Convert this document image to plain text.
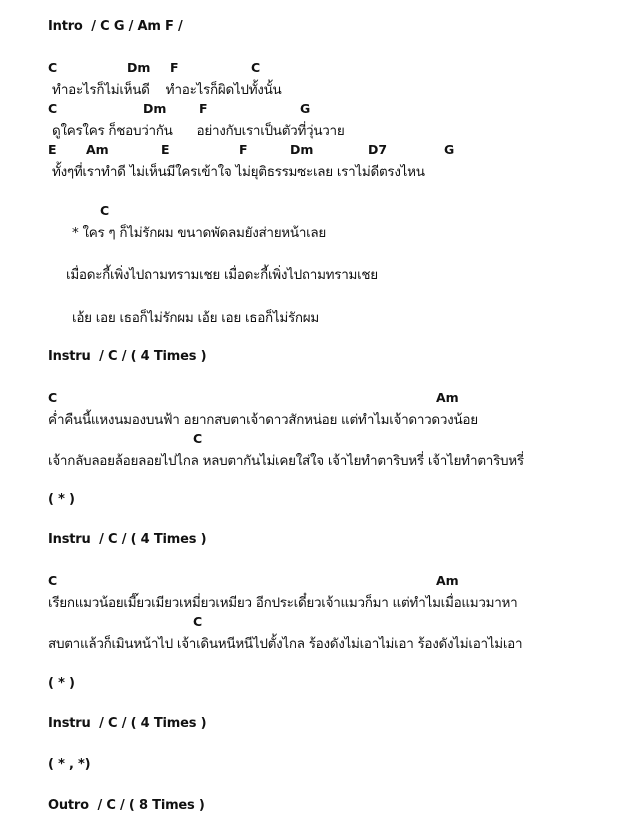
Intro  / C G / Am F /
C	Dm F	C
ทำอะไรก็ไม่เห็นดี    ทำอะไรก็ผิดไปทั้งนั้น
C	Dm	F	G
ดูใครใคร ก็ชอบว่ากัน      อย่างกับเราเป็นตัวที่วุ่นวาย
E Am	E	F	Dm	D7	G
ทั้งๆที่เราทำดี ไม่เห็นมีใครเข้าใจ ไม่ยุติธรรมซะเลย เราไม่ดีตรงไหน
C
* ใคร ๆ ก็ไม่รักผม ขนาดพัดลมยังส่ายหน้าเลย
เมื่อดะกี้เพิ่งไปถามทรามเชย เมื่อดะกี้เพิ่งไปถามทรามเชย
เอ้ย เอย เธอก็ไม่รักผม เอ้ย เอย เธอก็ไม่รักผม
Instru  / C / ( 4 Times )
C	Am
ค่ำคืนนี้แหงนมองบนฟ้า อยากสบตาเจ้าดาวสักหน่อย แต่ทำไมเจ้าดาวดวงน้อย
C
เจ้ากลับลอยล้อยลอยไปไกล หลบตากันไม่เคยใส่ใจ เจ้าไยทำตาริบหรี่ เจ้าไยทำตาริบหรี่
( * )
Instru  / C / ( 4 Times )
C	Am
เรียกแมวน้อยเมี๊ยวเมียวเหมี่ยวเหมียว อีกประเดี๋ยวเจ้าแมวก็มา แต่ทำไมเมื่อแมวมาหา
C
สบตาแล้วก็เมินหน้าไป เจ้าเดินหนีหนีไปตั้งไกล ร้องดังไม่เอาไม่เอา ร้องดังไม่เอาไม่เอา
( * )
Instru  / C / ( 4 Times )
( * , *)
Outro  / C / ( 8 Times )
